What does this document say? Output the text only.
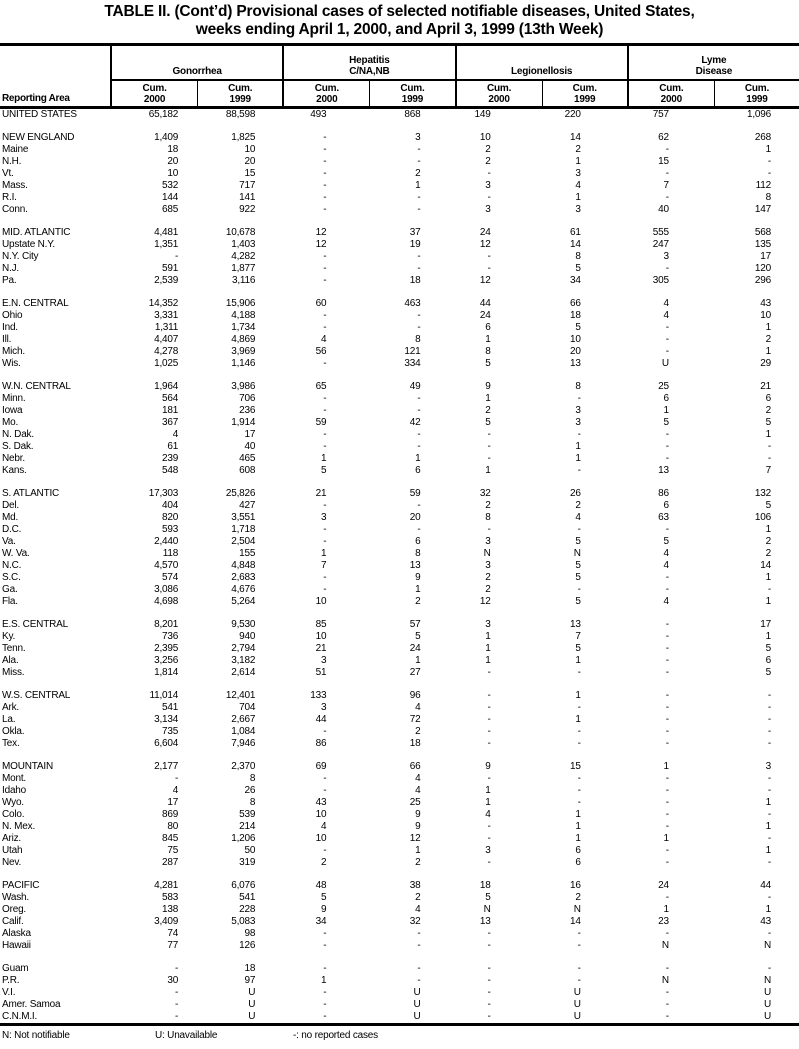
TABLE II. (Cont’d) Provisional cases of selected notifiable diseases, United States,
weeks ending April 1, 2000, and April 3, 1999 (13th Week)
Reporting Area
Gonorrhea
Cum.
2000
Cum.
1999
Hepatitis
C/NA,NB
Cum.
2000
Cum.
1999
Legionellosis
Cum.
2000
Cum.
1999
Lyme
Disease
Cum.
2000
Cum.
1999
UNITED STATES	65,182	88,598	493	868	149	220	757	1,096
NEW ENGLAND	1,409	1,825	-	3	10	14	62	268
Maine	18	10	-	-	2	2	-	1
N.H.	20	20	-	-	2	1	15	-
Vt.	10	15	-	2	-	3	-	-
Mass.	532	717	-	1	3	4	7	112
R.I.	144	141	-	-	-	1	-	8
Conn.	685	922	-	-	3	3	40	147
MID. ATLANTIC	4,481	10,678	12	37	24	61	555	568
Upstate N.Y.	1,351	1,403	12	19	12	14	247	135
N.Y. City	-	4,282	-	-	-	8	3	17
N.J.	591	1,877	-	-	-	5	-	120
Pa.	2,539	3,116	-	18	12	34	305	296
E.N. CENTRAL	14,352	15,906	60	463	44	66	4	43
Ohio	3,331	4,188	-	-	24	18	4	10
Ind.	1,311	1,734	-	-	6	5	-	1
Ill.	4,407	4,869	4	8	1	10	-	2
Mich.	4,278	3,969	56	121	8	20	-	1
Wis.	1,025	1,146	-	334	5	13	U	29
W.N. CENTRAL	1,964	3,986	65	49	9	8	25	21
Minn.	564	706	-	-	1	-	6	6
Iowa	181	236	-	-	2	3	1	2
Mo.	367	1,914	59	42	5	3	5	5
N. Dak.	4	17	-	-	-	-	-	1
S. Dak.	61	40	-	-	-	1	-	-
Nebr.	239	465	1	1	-	1	-	-
Kans.	548	608	5	6	1	-	13	7
S. ATLANTIC	17,303	25,826	21	59	32	26	86	132
Del.	404	427	-	-	2	2	6	5
Md.	820	3,551	3	20	8	4	63	106
D.C.	593	1,718	-	-	-	-	-	1
Va.	2,440	2,504	-	6	3	5	5	2
W. Va.	118	155	1	8	N	N	4	2
N.C.	4,570	4,848	7	13	3	5	4	14
S.C.	574	2,683	-	9	2	5	-	1
Ga.	3,086	4,676	-	1	2	-	-	-
Fla.	4,698	5,264	10	2	12	5	4	1
E.S. CENTRAL	8,201	9,530	85	57	3	13	-	17
Ky.	736	940	10	5	1	7	-	1
Tenn.	2,395	2,794	21	24	1	5	-	5
Ala.	3,256	3,182	3	1	1	1	-	6
Miss.	1,814	2,614	51	27	-	-	-	5
W.S. CENTRAL	11,014	12,401	133	96	-	1	-	-
Ark.	541	704	3	4	-	-	-	-
La.	3,134	2,667	44	72	-	1	-	-
Okla.	735	1,084	-	2	-	-	-	-
Tex.	6,604	7,946	86	18	-	-	-	-
MOUNTAIN	2,177	2,370	69	66	9	15	1	3
Mont.	-	8	-	4	-	-	-	-
Idaho	4	26	-	4	1	-	-	-
Wyo.	17	8	43	25	1	-	-	1
Colo.	869	539	10	9	4	1	-	-
N. Mex.	80	214	4	9	-	1	-	1
Ariz.	845	1,206	10	12	-	1	1	-
Utah	75	50	-	1	3	6	-	1
Nev.	287	319	2	2	-	6	-	-
PACIFIC	4,281	6,076	48	38	18	16	24	44
Wash.	583	541	5	2	5	2	-	-
Oreg.	138	228	9	4	N	N	1	1
Calif.	3,409	5,083	34	32	13	14	23	43
Alaska	74	98	-	-	-	-	-	-
Hawaii	77	126	-	-	-	-	N	N
Guam	-	18	-	-	-	-	-	-
P.R.	30	97	1	-	-	-	N	N
V.I.	-	U	-	U	-	U	-	U
Amer. Samoa	-	U	-	U	-	U	-	U
C.N.M.I.	-	U	-	U	-	U	-	U
N: Not notifiable	U: Unavailable	-: no reported cases
